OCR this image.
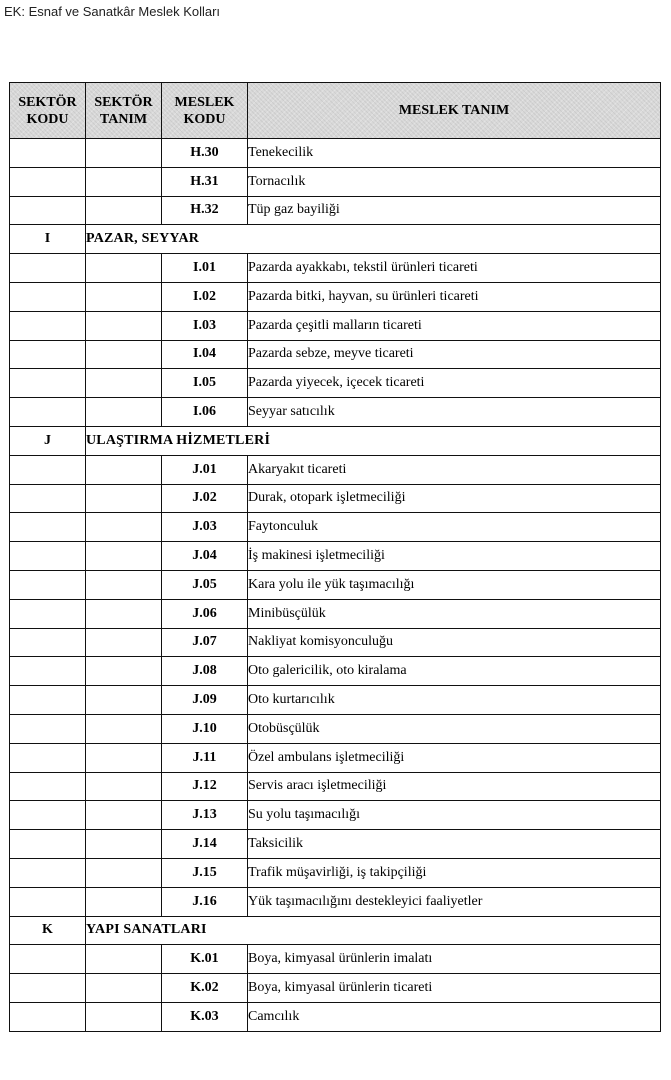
EK: Esnaf ve Sanatkâr Meslek Kolları
SEKTÖR KODU	SEKTÖR TANIM	MESLEK KODU	MESLEK TANIM
		H.30	Tenekecilik
		H.31	Tornacılık
		H.32	Tüp gaz bayiliği
I	PAZAR, SEYYAR		
		I.01	Pazarda ayakkabı, tekstil ürünleri ticareti
		I.02	Pazarda bitki, hayvan, su ürünleri ticareti
		I.03	Pazarda çeşitli malların ticareti
		I.04	Pazarda sebze, meyve ticareti
		I.05	Pazarda yiyecek, içecek ticareti
		I.06	Seyyar satıcılık
J	ULAŞTIRMA HİZMETLERİ		
		J.01	Akaryakıt ticareti
		J.02	Durak, otopark işletmeciliği
		J.03	Faytonculuk
		J.04	İş makinesi işletmeciliği
		J.05	Kara yolu ile yük taşımacılığı
		J.06	Minibüsçülük
		J.07	Nakliyat komisyonculuğu
		J.08	Oto galericilik, oto kiralama
		J.09	Oto kurtarıcılık
		J.10	Otobüsçülük
		J.11	Özel ambulans işletmeciliği
		J.12	Servis aracı işletmeciliği
		J.13	Su yolu taşımacılığı
		J.14	Taksicilik
		J.15	Trafik müşavirliği, iş takipçiliği
		J.16	Yük taşımacılığını destekleyici faaliyetler
K	YAPI SANATLARI		
		K.01	Boya, kimyasal ürünlerin imalatı
		K.02	Boya, kimyasal ürünlerin ticareti
		K.03	Camcılık
